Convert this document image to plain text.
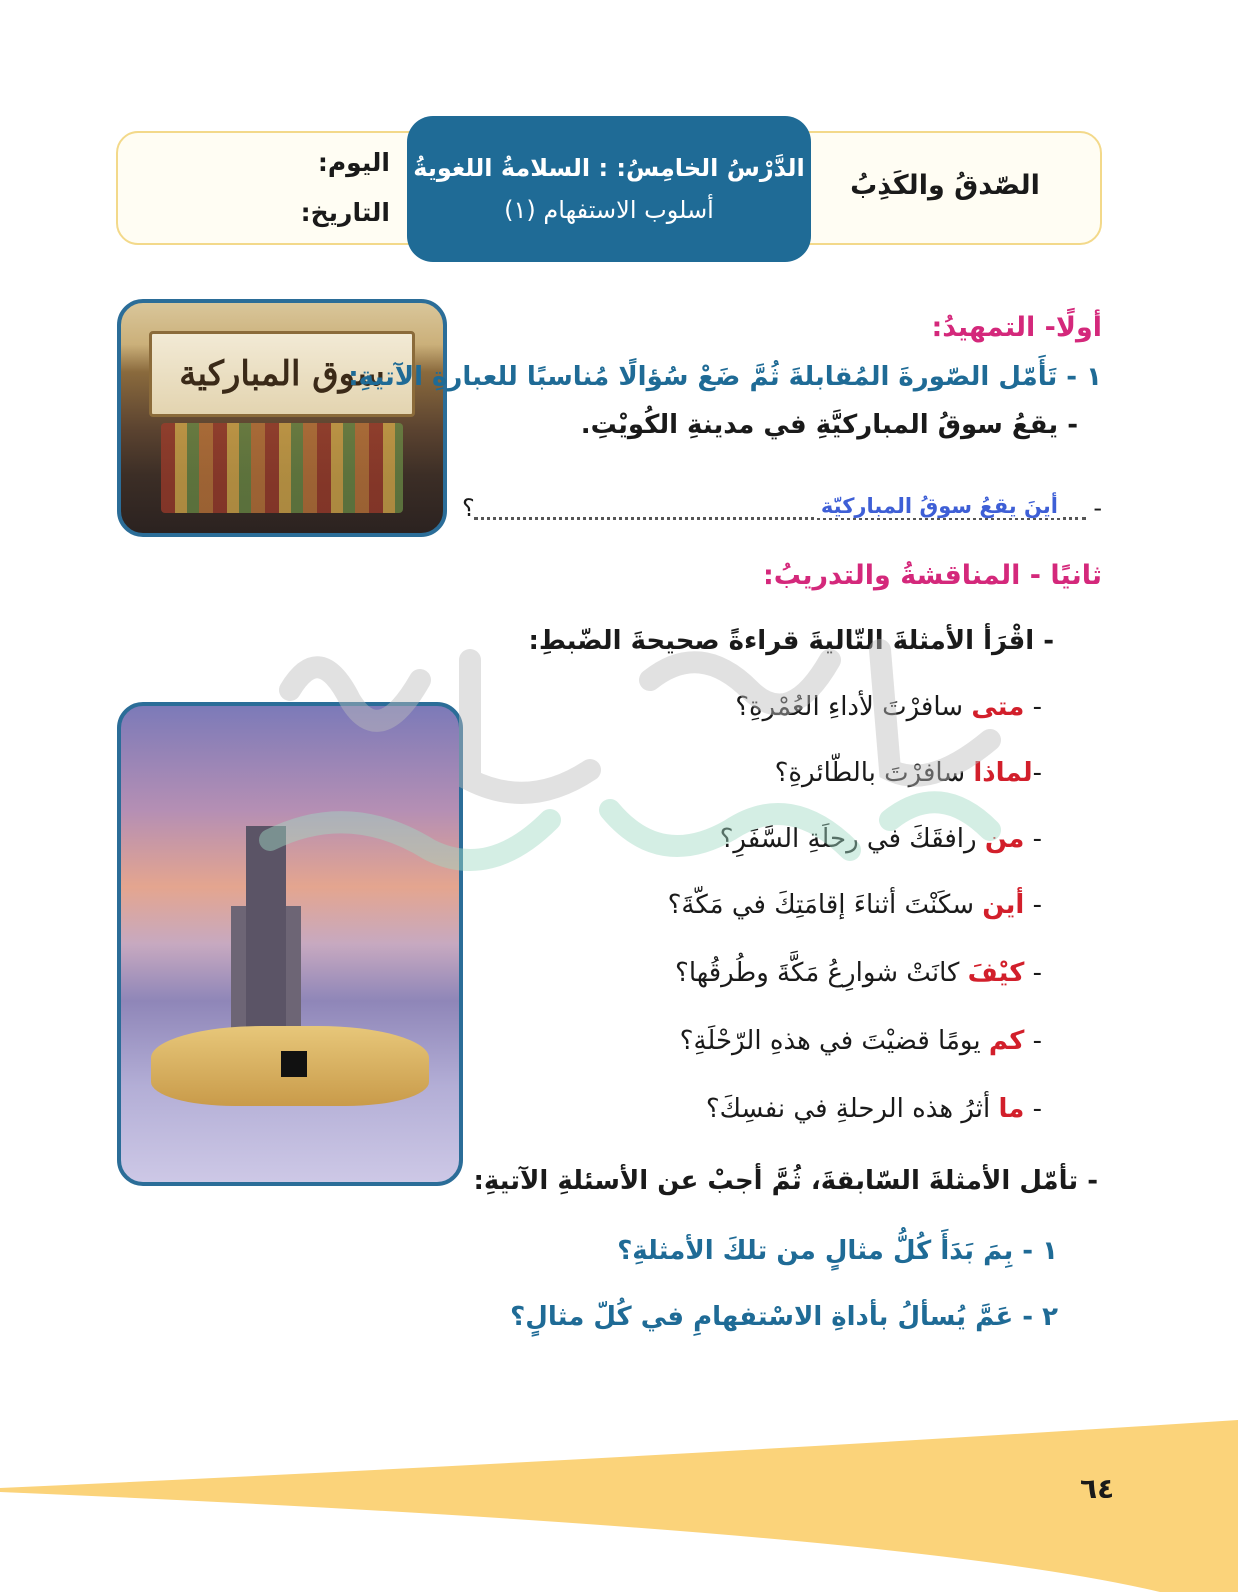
الصّدقُ والكَذِبُ
الدَّرْسُ الخامِسُ: : السلامةُ اللغويةُ
أسلوب الاستفهام (١)
اليوم:
التاريخ:
سوق المباركية
أولًا- التمهيدُ:
١ - تَأَمّل الصّورةَ المُقابلةَ ثُمَّ ضَعْ سُؤالًا مُناسبًا للعبارةِ الآتيةِ:
- يقعُ سوقُ المباركيَّةِ في مدينةِ الكُويْتِ.
-
أينَ يقعُ سوقُ المباركيّة
؟
ثانيًا - المناقشةُ والتدريبُ:
- اقْرَأ الأمثلةَ التّاليةَ قراءةً صحيحةَ الضّبطِ:
- متى سافرْتَ لأداءِ العُمْرةِ؟
-لماذا سافرْتَ بالطّائرةِ؟
- من رافقَكَ في رحلَةِ السَّفَرِ؟
- أين سكَنْتَ أثناءَ إقامَتِكَ في مَكّةَ؟
- كيْفَ كانَتْ شوارِعُ مَكَّةَ وطُرقُها؟
- كم يومًا قضيْتَ في هذهِ الرّحْلَةِ؟
- ما أثرُ هذه الرحلةِ في نفسِكَ؟
- تأمّل الأمثلةَ السّابقةَ، ثُمَّ أجبْ عن الأسئلةِ الآتيةِ:
١ - بِمَ بَدَأَ كُلُّ مثالٍ من تلكَ الأمثلةِ؟
٢ - عَمَّ يُسألُ بأداةِ الاسْتفهامِ في كُلّ مثالٍ؟
٦٤
